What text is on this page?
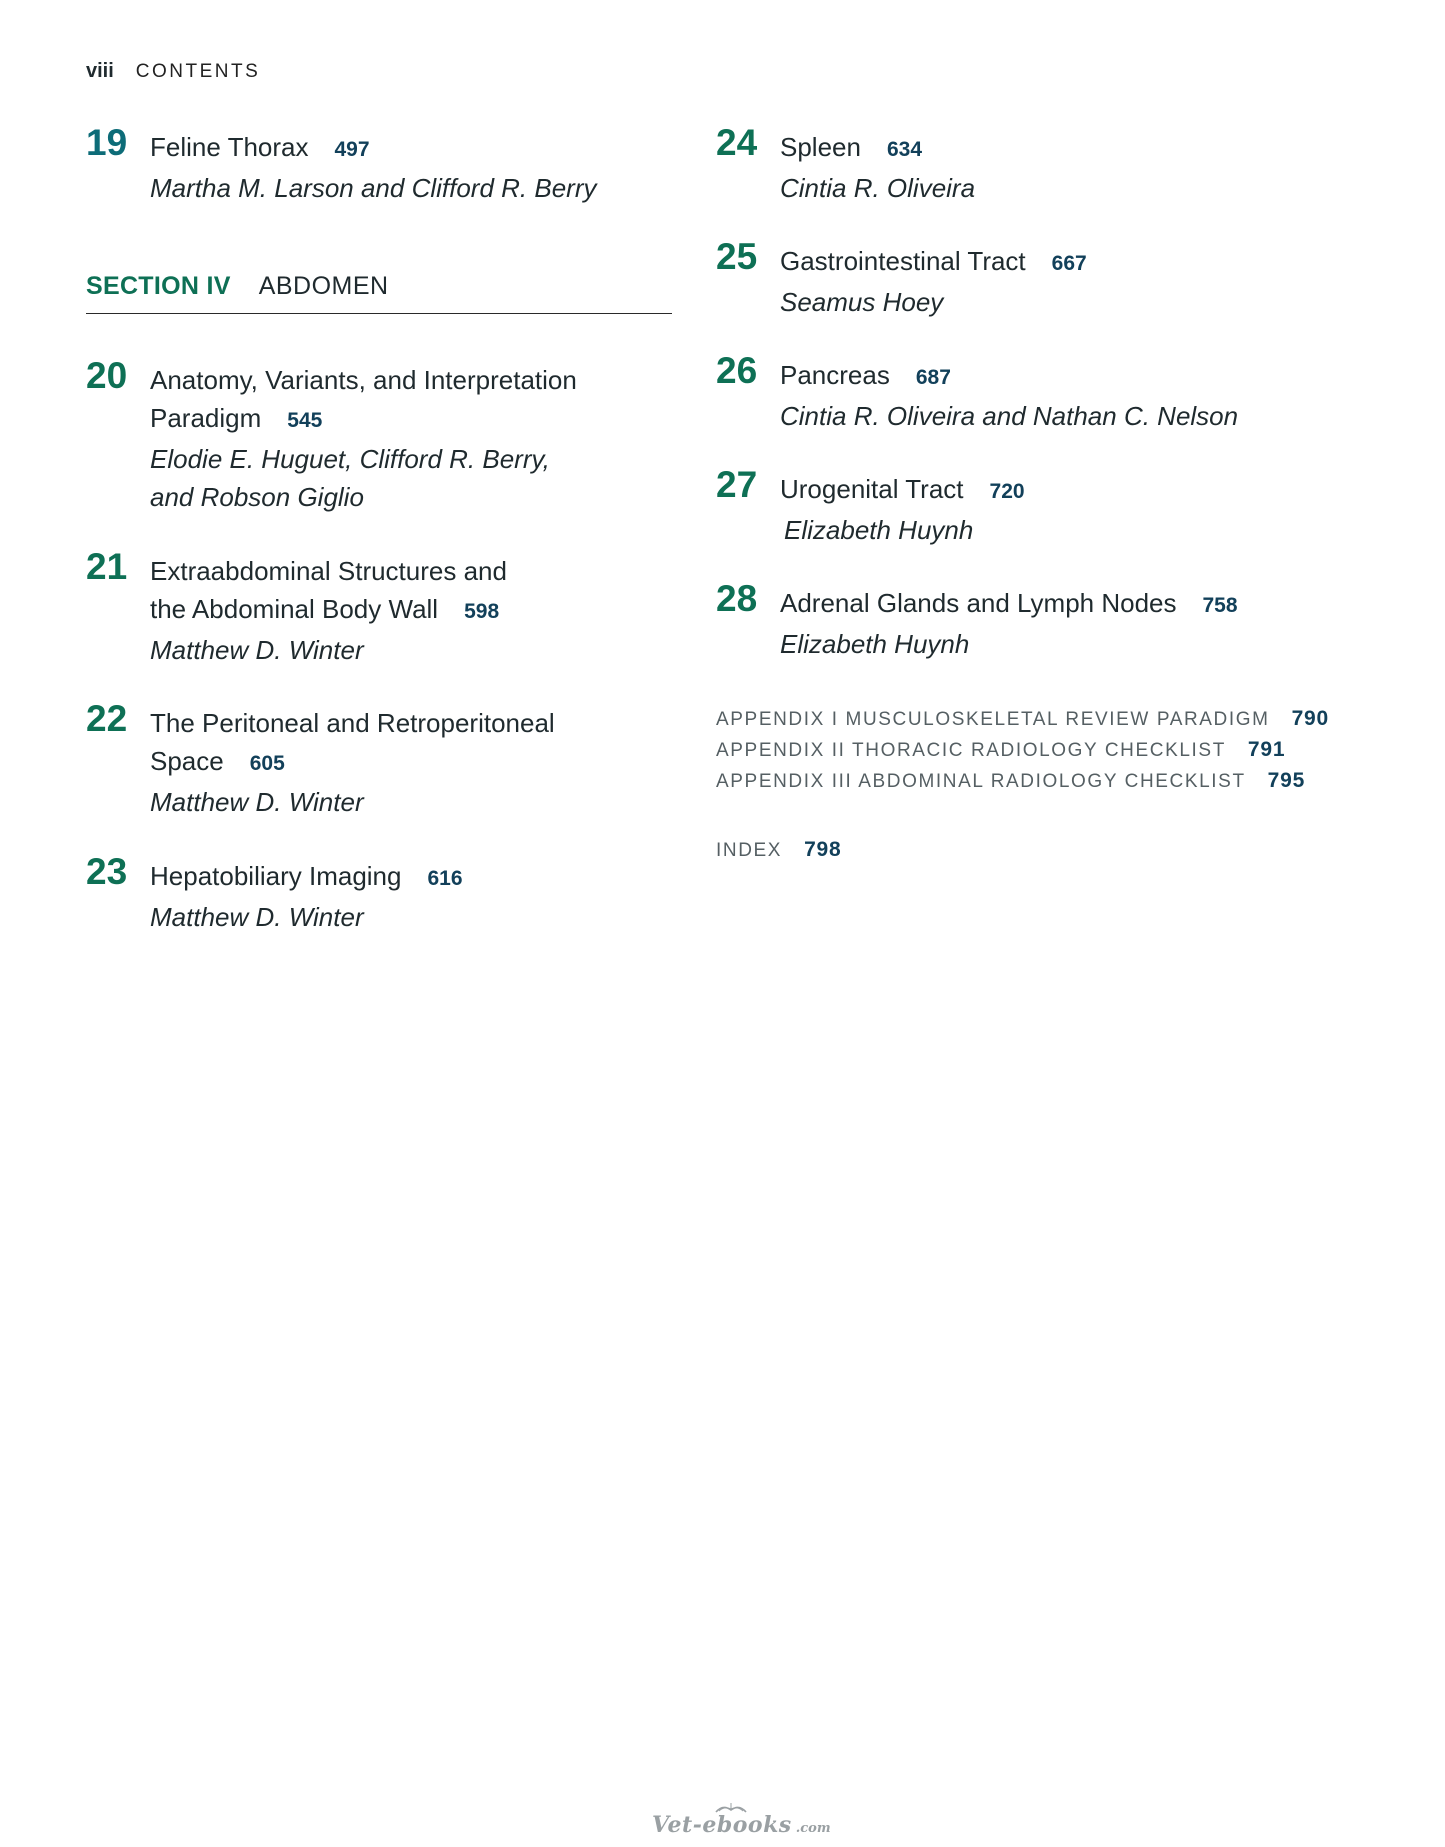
viii CONTENTS
19 Feline Thorax 497
Martha M. Larson and Clifford R. Berry
SECTION IV ABDOMEN
20 Anatomy, Variants, and Interpretation
Paradigm 545
Elodie E. Huguet, Clifford R. Berry,
and Robson Giglio
21 Extraabdominal Structures and
the Abdominal Body Wall 598
Matthew D. Winter
22 The Peritoneal and Retroperitoneal
Space 605
Matthew D. Winter
23 Hepatobiliary Imaging 616
Matthew D. Winter
24 Spleen 634
Cintia R. Oliveira
25 Gastrointestinal Tract 667
Seamus Hoey
26 Pancreas 687
Cintia R. Oliveira and Nathan C. Nelson
27 Urogenital Tract 720
Elizabeth Huynh
28 Adrenal Glands and Lymph Nodes 758
Elizabeth Huynh
APPENDIX I MUSCULOSKELETAL REVIEW PARADIGM 790
APPENDIX II THORACIC RADIOLOGY CHECKLIST 791
APPENDIX III ABDOMINAL RADIOLOGY CHECKLIST 795
INDEX 798
Vet-ebooks .com
